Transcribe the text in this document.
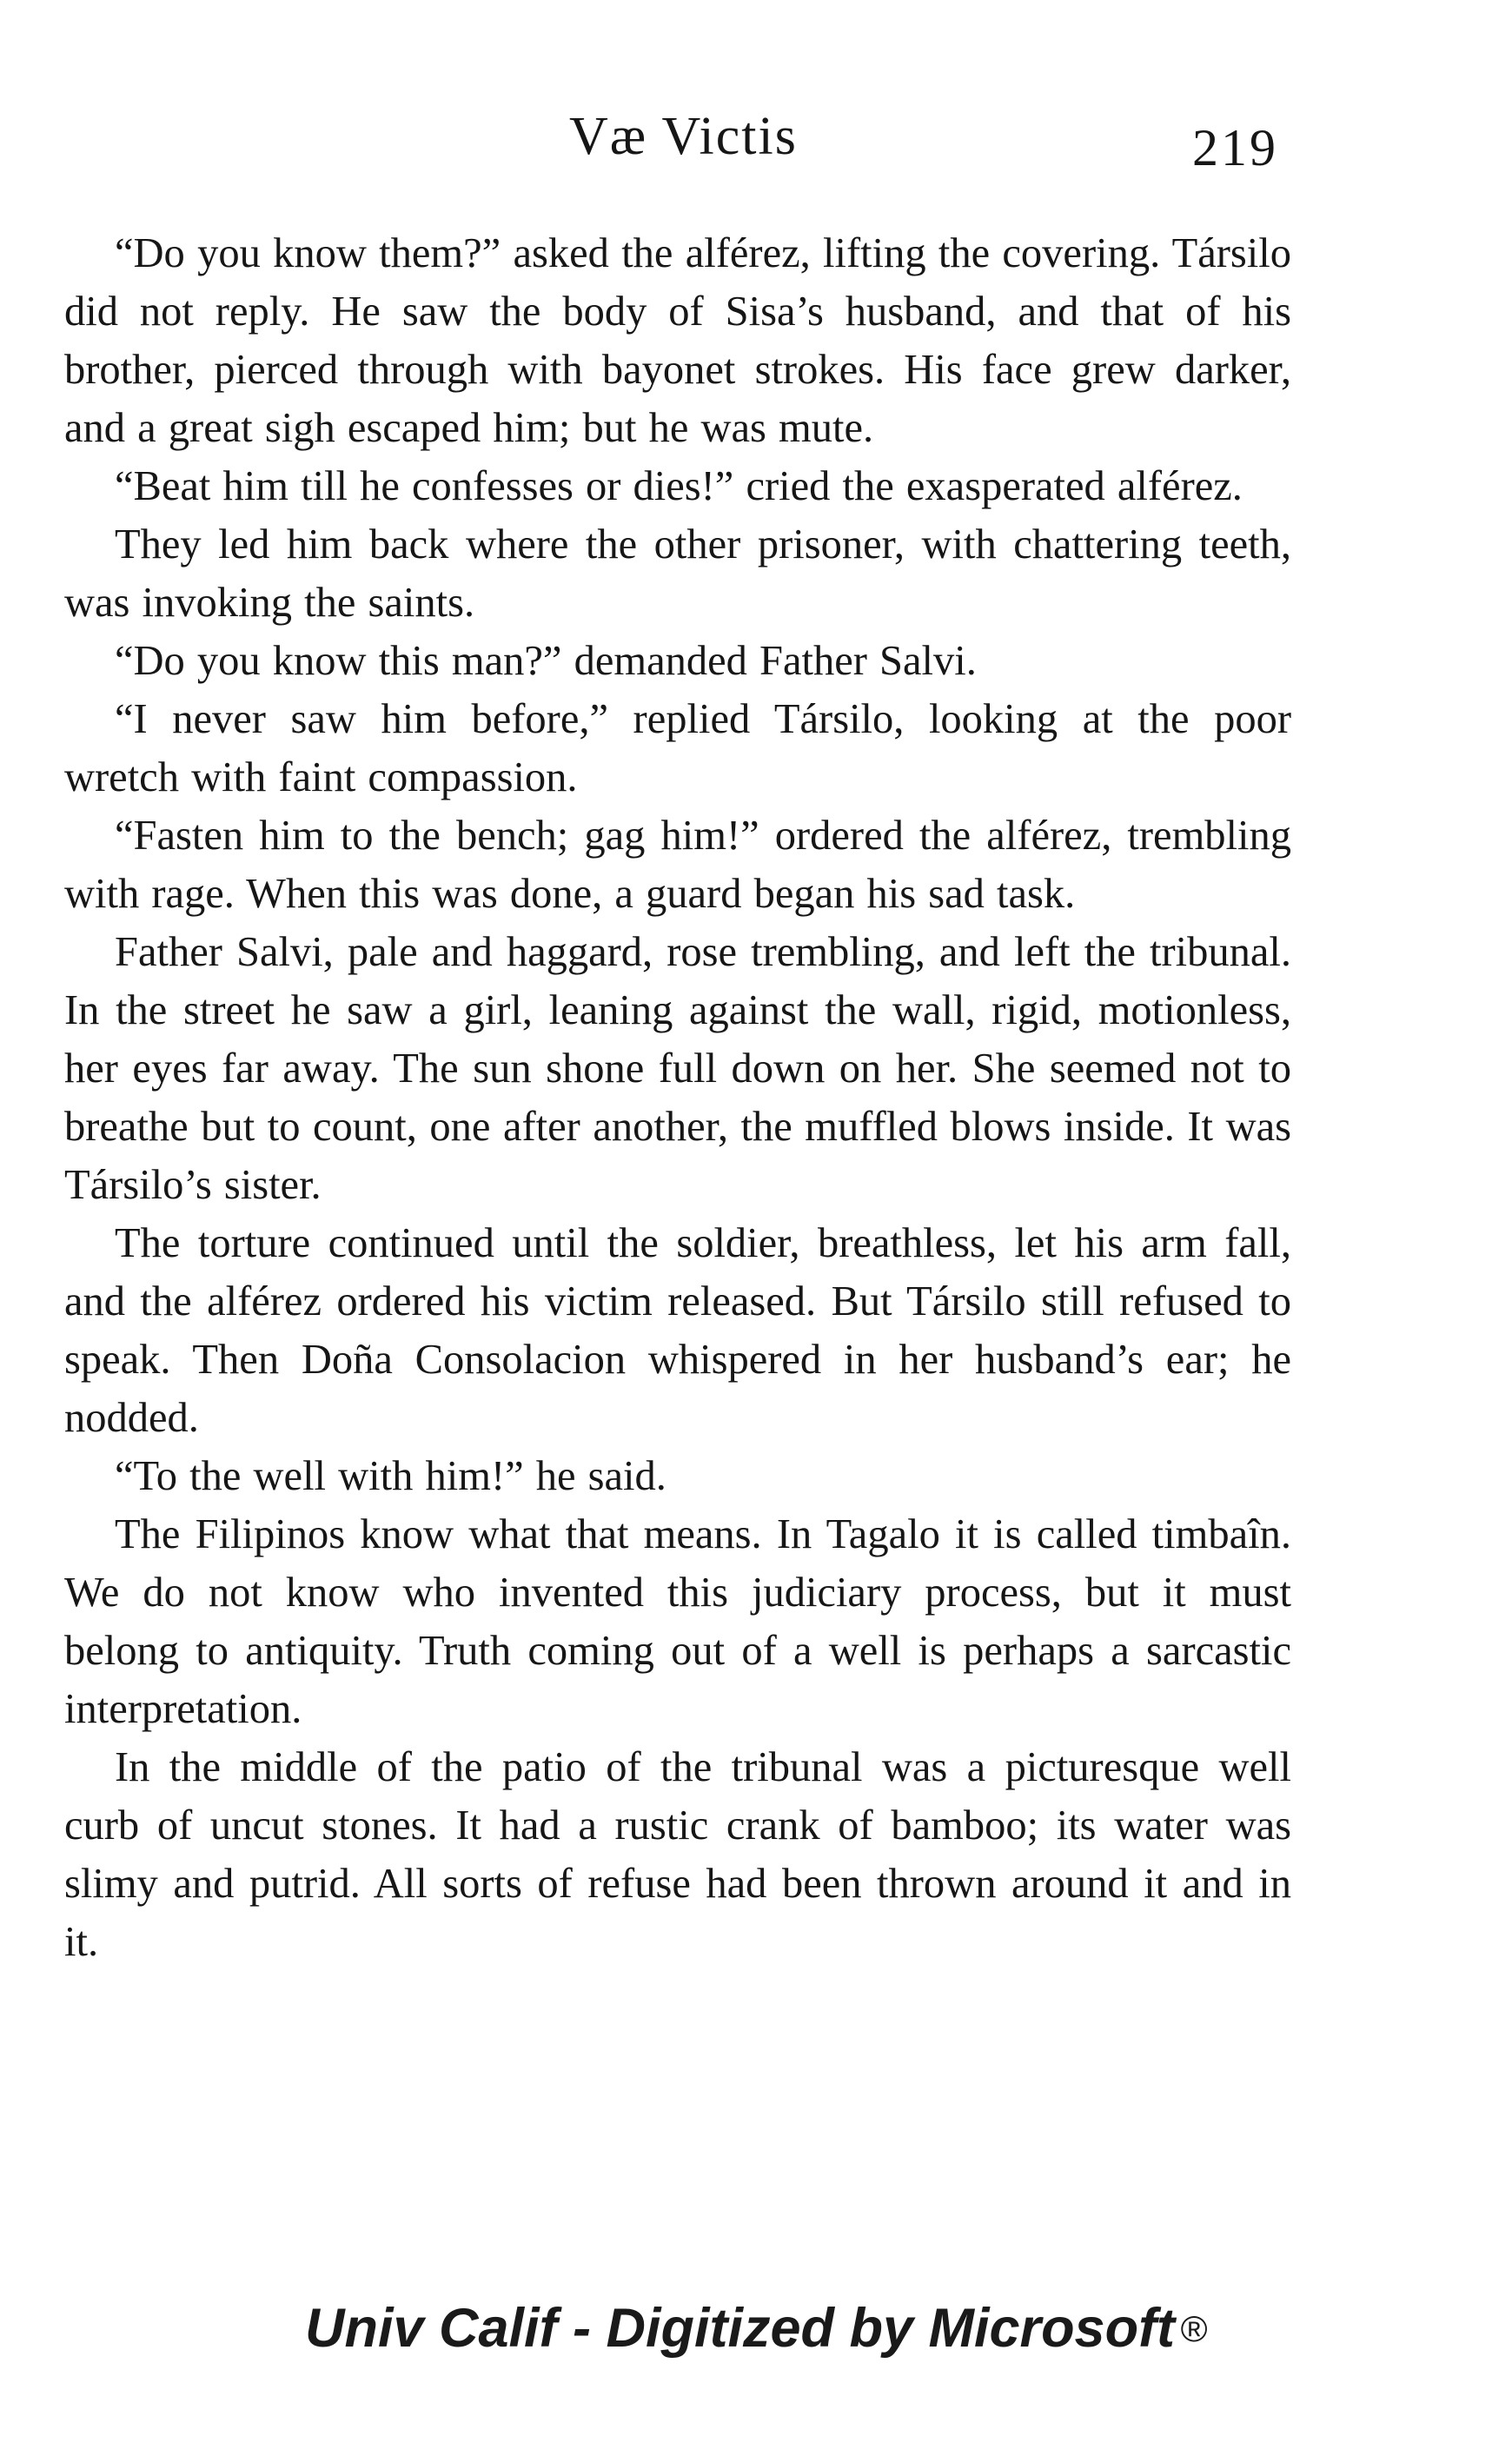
Væ Victis	219

“Do you know them?” asked the alférez, lifting the covering. Társilo did not reply. He saw the body of Sisa’s husband, and that of his brother, pierced through with bayonet strokes. His face grew darker, and a great sigh escaped him; but he was mute.

“Beat him till he confesses or dies!” cried the exasperated alférez.

They led him back where the other prisoner, with chattering teeth, was invoking the saints.

“Do you know this man?” demanded Father Salvi.

“I never saw him before,” replied Társilo, looking at the poor wretch with faint compassion.

“Fasten him to the bench; gag him!” ordered the alférez, trembling with rage. When this was done, a guard began his sad task.

Father Salvi, pale and haggard, rose trembling, and left the tribunal. In the street he saw a girl, leaning against the wall, rigid, motionless, her eyes far away. The sun shone full down on her. She seemed not to breathe but to count, one after another, the muffled blows inside. It was Társilo’s sister.

The torture continued until the soldier, breathless, let his arm fall, and the alférez ordered his victim released. But Társilo still refused to speak. Then Doña Consolacion whispered in her husband’s ear; he nodded.

“To the well with him!” he said.

The Filipinos know what that means. In Tagalo it is called timbaîn. We do not know who invented this judiciary process, but it must belong to antiquity. Truth coming out of a well is perhaps a sarcastic interpretation.

In the middle of the patio of the tribunal was a picturesque well curb of uncut stones. It had a rustic crank of bamboo; its water was slimy and putrid. All sorts of refuse had been thrown around it and in it.

Univ Calif - Digitized by Microsoft ®
